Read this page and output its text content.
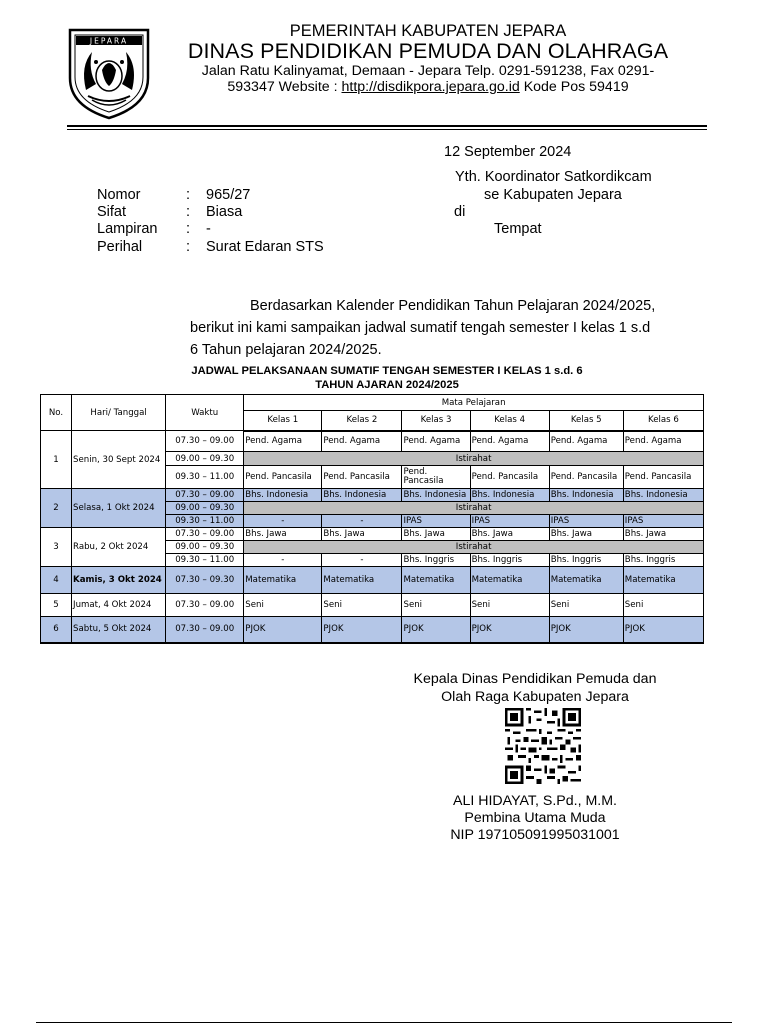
JEPARA
PEMERINTAH KABUPATEN JEPARA
DINAS PENDIDIKAN PEMUDA DAN OLAHRAGA
Jalan Ratu Kalinyamat, Demaan - Jepara Telp. 0291-591238, Fax 0291-
593347 Website : http://disdikpora.jepara.go.id Kode Pos 59419
12 September 2024
Yth. Koordinator Satkordikcam
se Kabupaten Jepara
di
Tempat
Nomor	: 965/27
Sifat	: Biasa
Lampiran : -
Perihal	: Surat Edaran STS
Berdasarkan Kalender Pendidikan Tahun Pelajaran 2024/2025,
berikut ini kami sampaikan jadwal sumatif tengah semester I kelas 1 s.d
6 Tahun pelajaran 2024/2025.
JADWAL PELAKSANAAN SUMATIF TENGAH SEMESTER I KELAS 1 s.d. 6
TAHUN AJARAN 2024/2025
No.	Hari/ Tanggal	Waktu	Mata Pelajaran					
			Kelas 1	Kelas 2	Kelas 3	Kelas 4	Kelas 5	Kelas 6
1	Senin, 30 Sept 2024	07.30 – 09.00	Pend. Agama	Pend. Agama	Pend. Agama	Pend. Agama	Pend. Agama	Pend. Agama
		09.00 – 09.30	Istirahat					
		09.30 – 11.00	Pend. Pancasila	Pend. Pancasila	Pend. Pancasila	Pend. Pancasila	Pend. Pancasila	Pend. Pancasila
2	Selasa, 1 Okt 2024	07.30 – 09.00	Bhs. Indonesia	Bhs. Indonesia	Bhs. Indonesia	Bhs. Indonesia	Bhs. Indonesia	Bhs. Indonesia
		09.00 – 09.30	Istirahat					
		09.30 – 11.00	-	-	IPAS	IPAS	IPAS	IPAS
3	Rabu, 2 Okt 2024	07.30 – 09.00	Bhs. Jawa	Bhs. Jawa	Bhs. Jawa	Bhs. Jawa	Bhs. Jawa	Bhs. Jawa
		09.00 – 09.30	Istirahat					
		09.30 – 11.00	-	-	Bhs. Inggris	Bhs. Inggris	Bhs. Inggris	Bhs. Inggris
4	Kamis, 3 Okt 2024	07.30 – 09.30	Matematika	Matematika	Matematika	Matematika	Matematika	Matematika
5	Jumat, 4 Okt 2024	07.30 – 09.00	Seni	Seni	Seni	Seni	Seni	Seni
6	Sabtu, 5 Okt 2024	07.30 – 09.00	PJOK	PJOK	PJOK	PJOK	PJOK	PJOK
Kepala Dinas Pendidikan Pemuda dan
Olah Raga Kabupaten Jepara
ALI HIDAYAT, S.Pd., M.M.
Pembina Utama Muda
NIP 197105091995031001
